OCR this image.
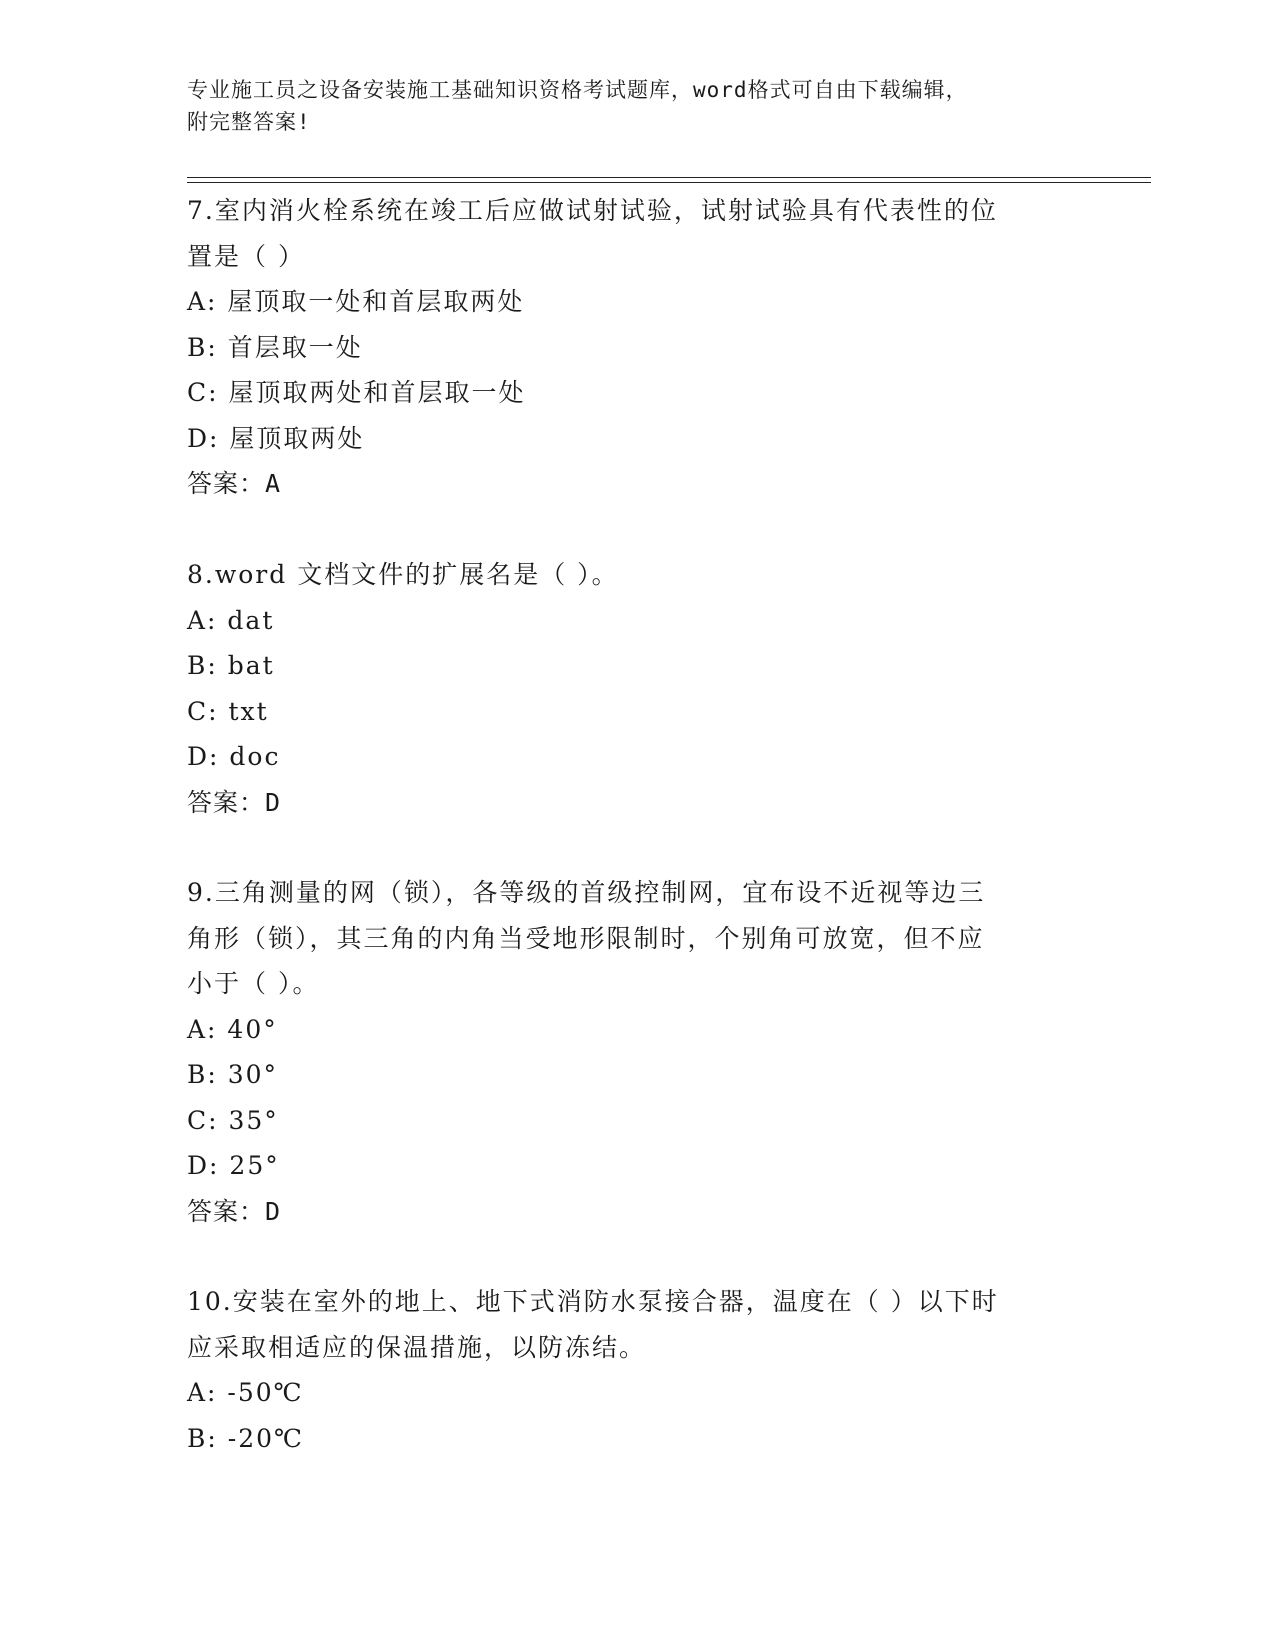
专业施工员之设备安装施工基础知识资格考试题库，word格式可自由下载编辑，
附完整答案!
7.室内消火栓系统在竣工后应做试射试验，试射试验具有代表性的位
置是（ ）
A: 屋顶取一处和首层取两处
B: 首层取一处
C: 屋顶取两处和首层取一处
D: 屋顶取两处
答案：A
8.word 文档文件的扩展名是（ ）。
A: dat
B: bat
C: txt
D: doc
答案：D
9.三角测量的网（锁），各等级的首级控制网，宜布设不近视等边三
角形（锁），其三角的内角当受地形限制时，个别角可放宽，但不应
小于（ ）。
A: 40°
B: 30°
C: 35°
D: 25°
答案：D
10.安装在室外的地上、地下式消防水泵接合器，温度在（ ）以下时
应采取相适应的保温措施，以防冻结。
A: -50℃
B: -20℃
